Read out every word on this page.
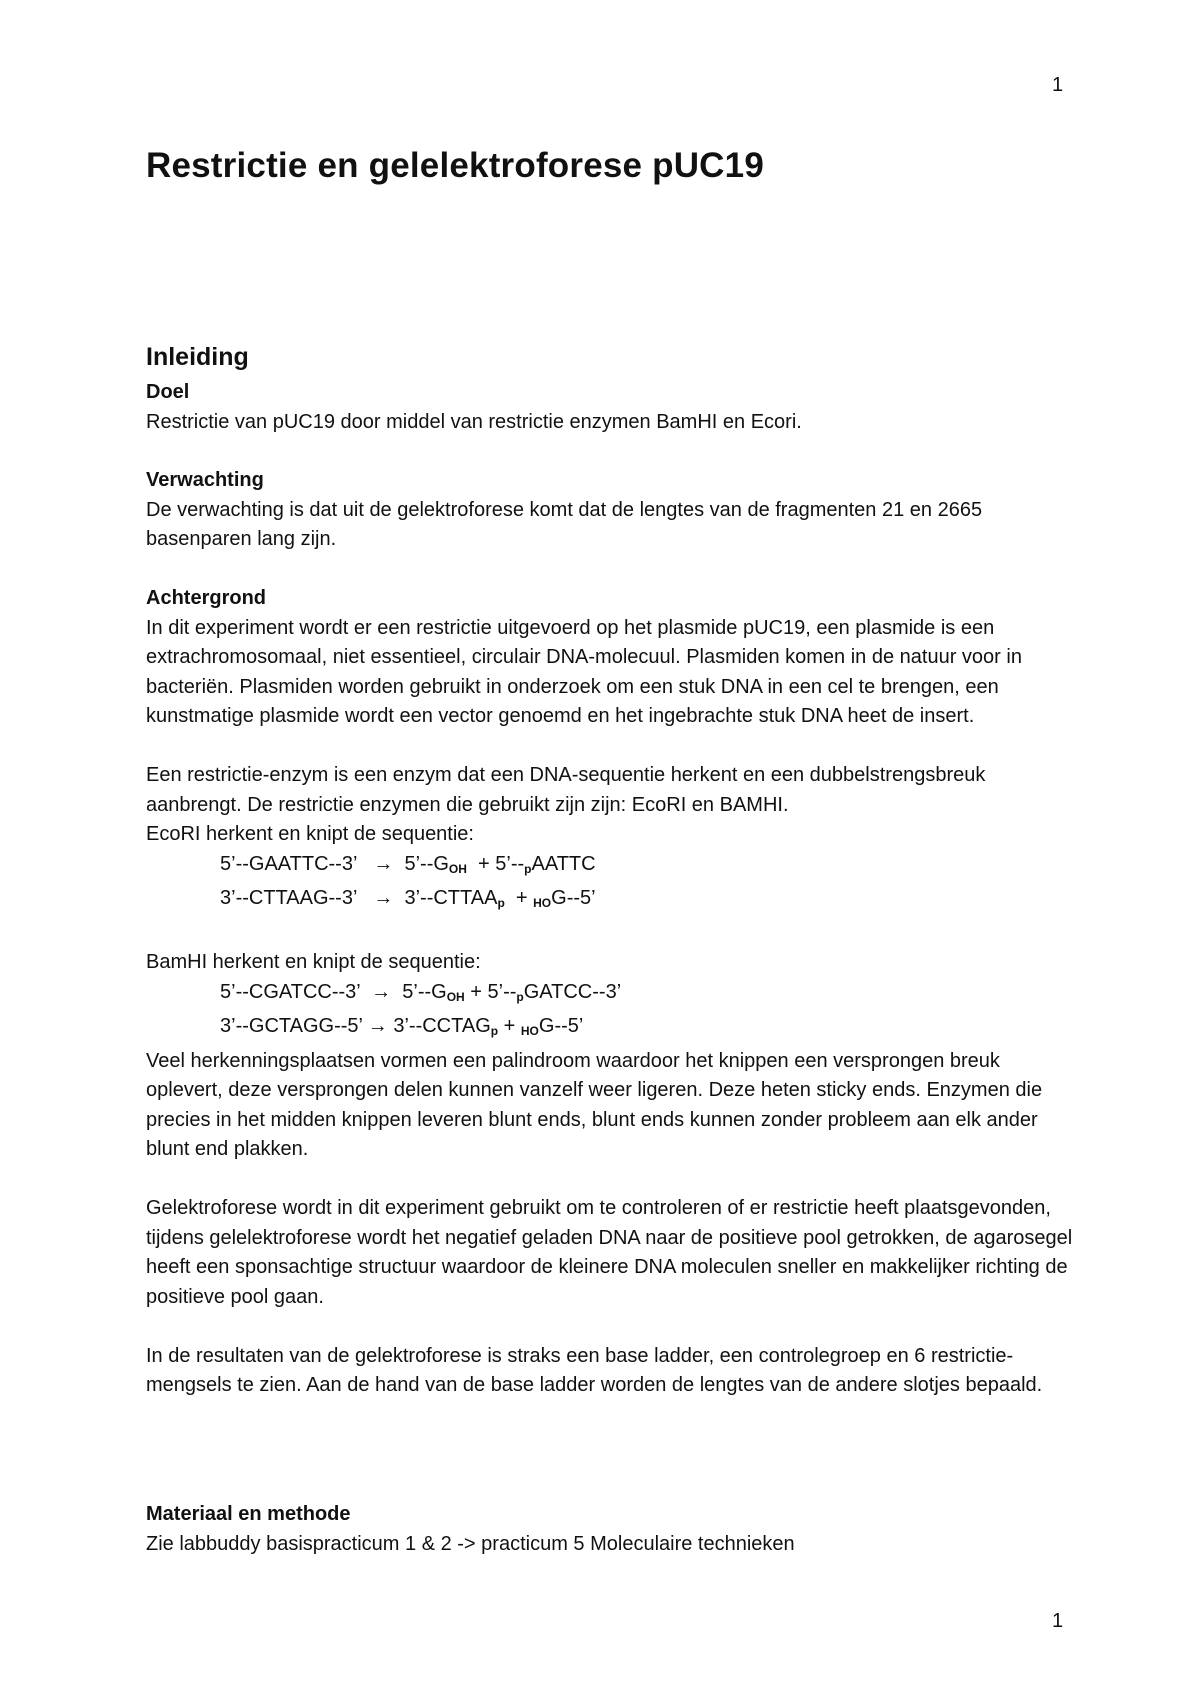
1
Restrictie en gelelektroforese pUC19
Inleiding
Doel

Restrictie van pUC19 door middel van restrictie enzymen BamHI en Ecori.

Verwachting

De verwachting is dat uit de gelektroforese komt dat de lengtes van de fragmenten 21 en 2665 basenparen lang zijn.

Achtergrond

In dit experiment wordt er een restrictie uitgevoerd op het plasmide pUC19, een plasmide is een extrachromosomaal, niet essentieel, circulair DNA-molecuul. Plasmiden komen in de natuur voor in bacteriën. Plasmiden worden gebruikt in onderzoek om een stuk DNA in een cel te brengen, een kunstmatige plasmide wordt een vector genoemd en het ingebrachte stuk DNA heet de insert.

Een restrictie-enzym is een enzym dat een DNA-sequentie herkent en een dubbelstrengsbreuk aanbrengt. De restrictie enzymen die gebruikt zijn zijn: EcoRI en BAMHI.

EcoRI herkent en knipt de sequentie:

5’--GAATTC--3’ → $5’--G_{OH}$  + 5’--pAATTC
3’--CTTAAG--3’ → $3’--CTTAA_p + HOG--5$’

BamHI herkent en knipt de sequentie:

5’--CGATCC--3’ → $5’--G_{OH}$ + 5’--pGATCC--3’
3’--GCTAGG--5’ → $3’--CCTAG_p + HOG--5$’

Veel herkenningsplaatsen vormen een palindroom waardoor het knippen een versprongen breuk oplevert, deze versprongen delen kunnen vanzelf weer ligeren. Deze heten sticky ends. Enzymen die precies in het midden knippen leveren blunt ends, blunt ends kunnen zonder probleem aan elk ander blunt end plakken.

Gelektroforese wordt in dit experiment gebruikt om te controleren of er restrictie heeft plaatsgevonden, tijdens gelelektroforese wordt het negatief geladen DNA naar de positieve pool getrokken, de agarosegel heeft een sponsachtige structuur waardoor de kleinere DNA moleculen sneller en makkelijker richting de positieve pool gaan.

In de resultaten van de gelektroforese is straks een base ladder, een controlegroep en 6 restrictie-mengsels te zien. Aan de hand van de base ladder worden de lengtes van de andere slotjes bepaald.

Materiaal en methode

Zie labbuddy basispracticum 1 & 2 -> practicum 5 Moleculaire technieken

1
